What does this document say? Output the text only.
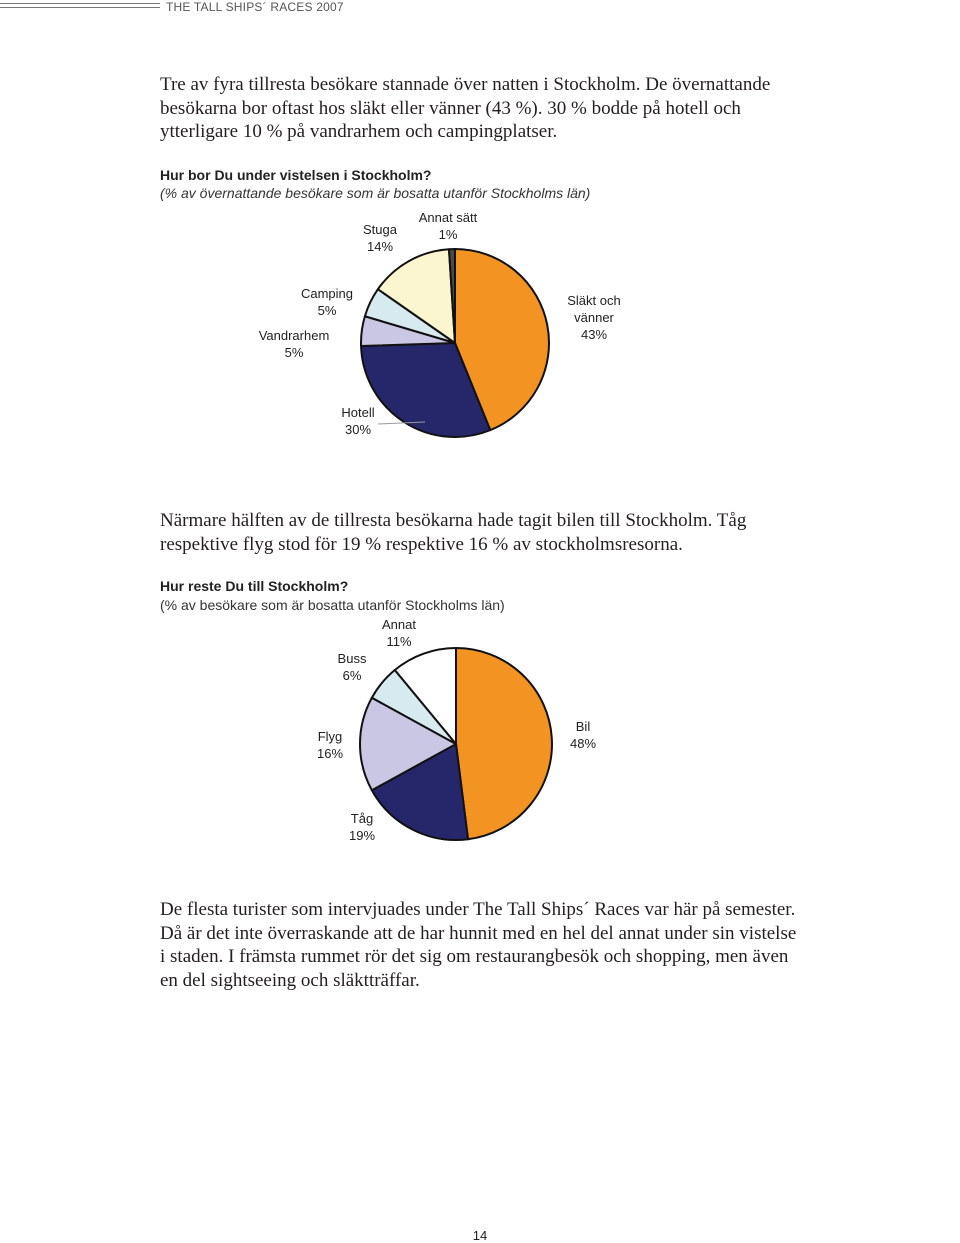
THE TALL SHIPS´ RACES 2007

Tre av fyra tillresta besökare stannade över natten i Stockholm. De övernattande besökarna bor oftast hos släkt eller vänner (43 %). 30 % bodde på hotell och ytterligare 10 % på vandrarhem och campingplatser.

Hur bor Du under vistelsen i Stockholm?

(% av övernattande besökare som är bosatta utanför Stockholms län)

Släkt och
vänner
43%
Hotell
30%
Vandrarhem
5%
Camping
5%
Stuga
14%
Annat sätt
1%

Närmare hälften av de tillresta besökarna hade tagit bilen till Stockholm. Tåg respektive flyg stod för 19 % respektive 16 % av stockholmsresorna.

Hur reste Du till Stockholm?

(% av besökare som är bosatta utanför Stockholms län)

Bil
48%
Tåg
19%
Flyg
16%
Buss
6%
Annat
11%

De flesta turister som intervjuades under The Tall Ships´ Races var här på semester. Då är det inte överraskande att de har hunnit med en hel del annat under sin vistelse i staden. I främsta rummet rör det sig om restaurangbesök och shopping, men även en del sightseeing och släktträffar.

14
